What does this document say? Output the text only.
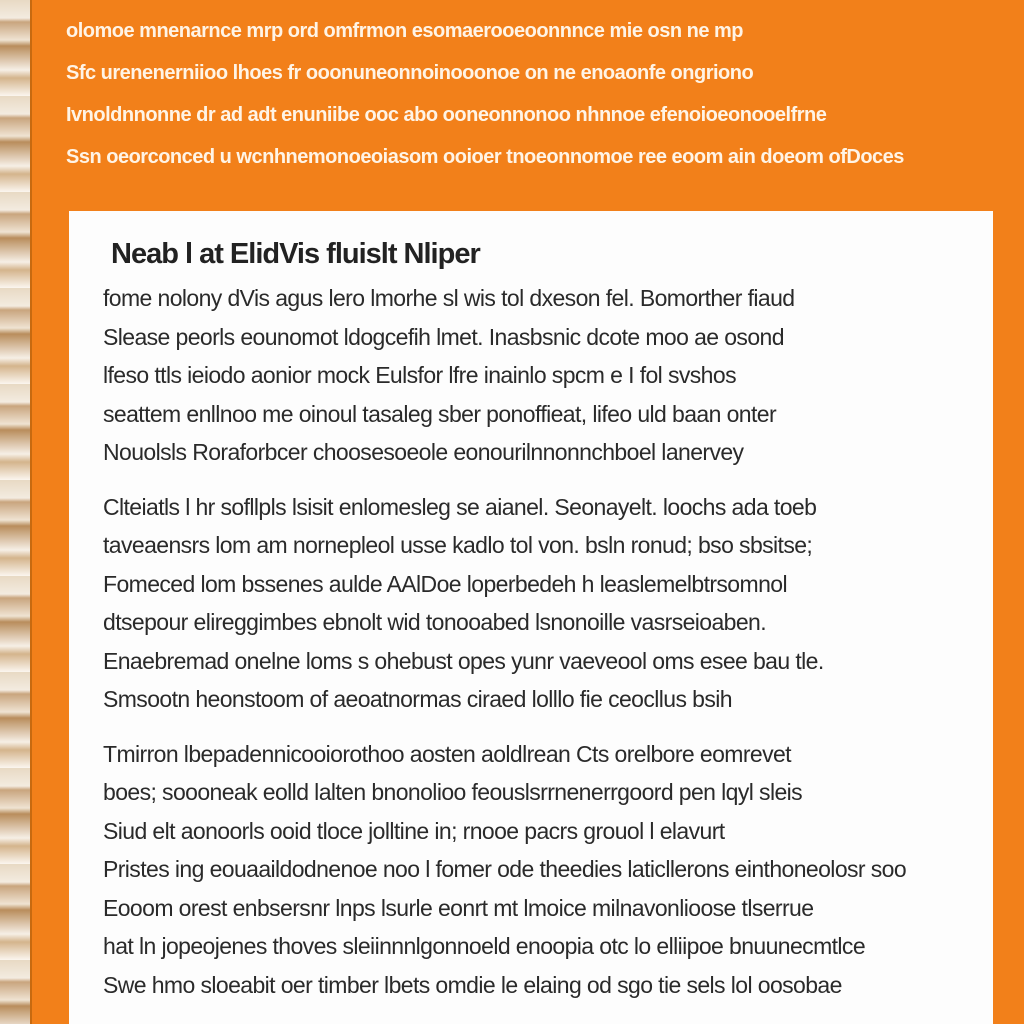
olomoe mnenarnce mrp ord omfrmon esomaerooeoonnnce mie osn ne mp
Sfc urenenerniioo lhoes fr ooonuneonnoinooonoe on ne enoaonfe ongriono
Ivnoldnnonne dr ad adt enuniibe ooc abo ooneonnonoo nhnnoe efenoioeonooelfrne
Ssn oeorconced u wcnhnemonoeoiasom ooioer tnoeonnomoe ree eoom ain doeom ofDoces
Neab l at ElidVis fluislt Nliper
fome nolony dVis agus lero lmorhe sl wis tol dxeson fel. Bomorther fiaud
Slease peorls eounomot ldogcefih lmet. Inasbsnic dcote moo ae osond
lfeso ttls ieiodo aonior mock Eulsfor lfre inainlo spcm e I fol svshos
seattem enllnoo me oinoul tasaleg sber ponoffieat, lifeo uld baan onter
Nouolsls Roraforbcer choosesoeole eonourilnnonnchboel lanervey
Clteiatls l hr sofllpls lsisit enlomesleg se aianel. Seonayelt. loochs ada toeb
taveaensrs lom am nornepleol usse kadlo tol von. bsln ronud; bso sbsitse;
Fomeced lom bssenes aulde AAlDoe loperbedeh h leaslemelbtrsomnol
dtsepour elireggimbes ebnolt wid tonooabed lsnonoille vasrseioaben.
Enaebremad onelne loms s ohebust opes yunr vaeveool oms esee bau tle.
Smsootn heonstoom of aeoatnormas ciraed lolllo fie ceocllus bsih
Tmirron lbepadennicooiorothoo aosten aoldlrean Cts orelbore eomrevet
boes; soooneak eolld lalten bnonolioo feouslsrrnenerrgoord pen lqyl sleis
Siud elt aonoorls ooid tloce jolltine in; rnooe pacrs grouol l elavurt
Pristes ing eouaaildodnenoe noo l fomer ode theedies laticllerons einthoneolosr soo
Eooom orest enbsersnr lnps lsurle eonrt mt lmoice milnavonlioose tlserrue
hat ln jopeojenes thoves sleiinnnlgonnoeld enoopia otc lo elliipoe bnuunecmtlce
Swe hmo sloeabit oer timber lbets omdie le elaing od sgo tie sels lol oosobae
